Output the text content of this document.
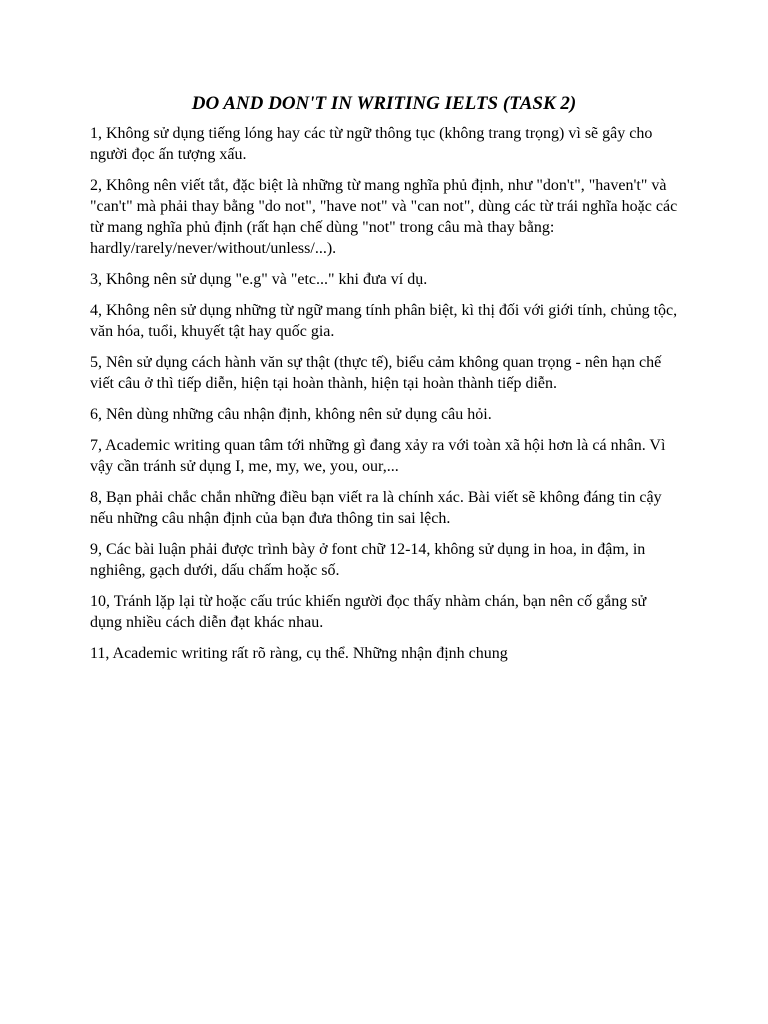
DO AND DON'T IN WRITING IELTS (TASK 2)
1, Không sử dụng tiếng lóng hay các từ ngữ thông tục (không trang trọng) vì sẽ gây cho người đọc ấn tượng xấu.
2, Không nên viết tắt, đặc biệt là những từ mang nghĩa phủ định, như "don't", "haven't" và "can't" mà phải thay bằng "do not", "have not" và "can not", dùng các từ trái nghĩa hoặc các từ mang nghĩa phủ định (rất hạn chế dùng "not" trong câu mà thay bằng: hardly/rarely/never/without/unless/...).
3, Không nên sử dụng "e.g" và "etc..." khi đưa ví dụ.
4, Không nên sử dụng những từ ngữ mang tính phân biệt, kì thị đối với giới tính, chủng tộc, văn hóa, tuổi, khuyết tật hay quốc gia.
5, Nên sử dụng cách hành văn sự thật (thực tế), biểu cảm không quan trọng - nên hạn chế viết câu ở thì tiếp diễn, hiện tại hoàn thành, hiện tại hoàn thành tiếp diễn.
6, Nên dùng những câu nhận định, không nên sử dụng câu hỏi.
7, Academic writing quan tâm tới những gì đang xảy ra với toàn xã hội hơn là cá nhân. Vì vậy cần tránh sử dụng I, me, my, we, you, our,...
8, Bạn phải chắc chắn những điều bạn viết ra là chính xác. Bài viết sẽ không đáng tin cậy nếu những câu nhận định của bạn đưa thông tin sai lệch.
9, Các bài luận phải được trình bày ở font chữ 12-14, không sử dụng in hoa, in đậm, in nghiêng, gạch dưới, dấu chấm hoặc số.
10, Tránh lặp lại từ hoặc cấu trúc khiến người đọc thấy nhàm chán, bạn nên cố gắng sử dụng nhiều cách diễn đạt khác nhau.
11, Academic writing rất rõ ràng, cụ thể. Những nhận định chung
